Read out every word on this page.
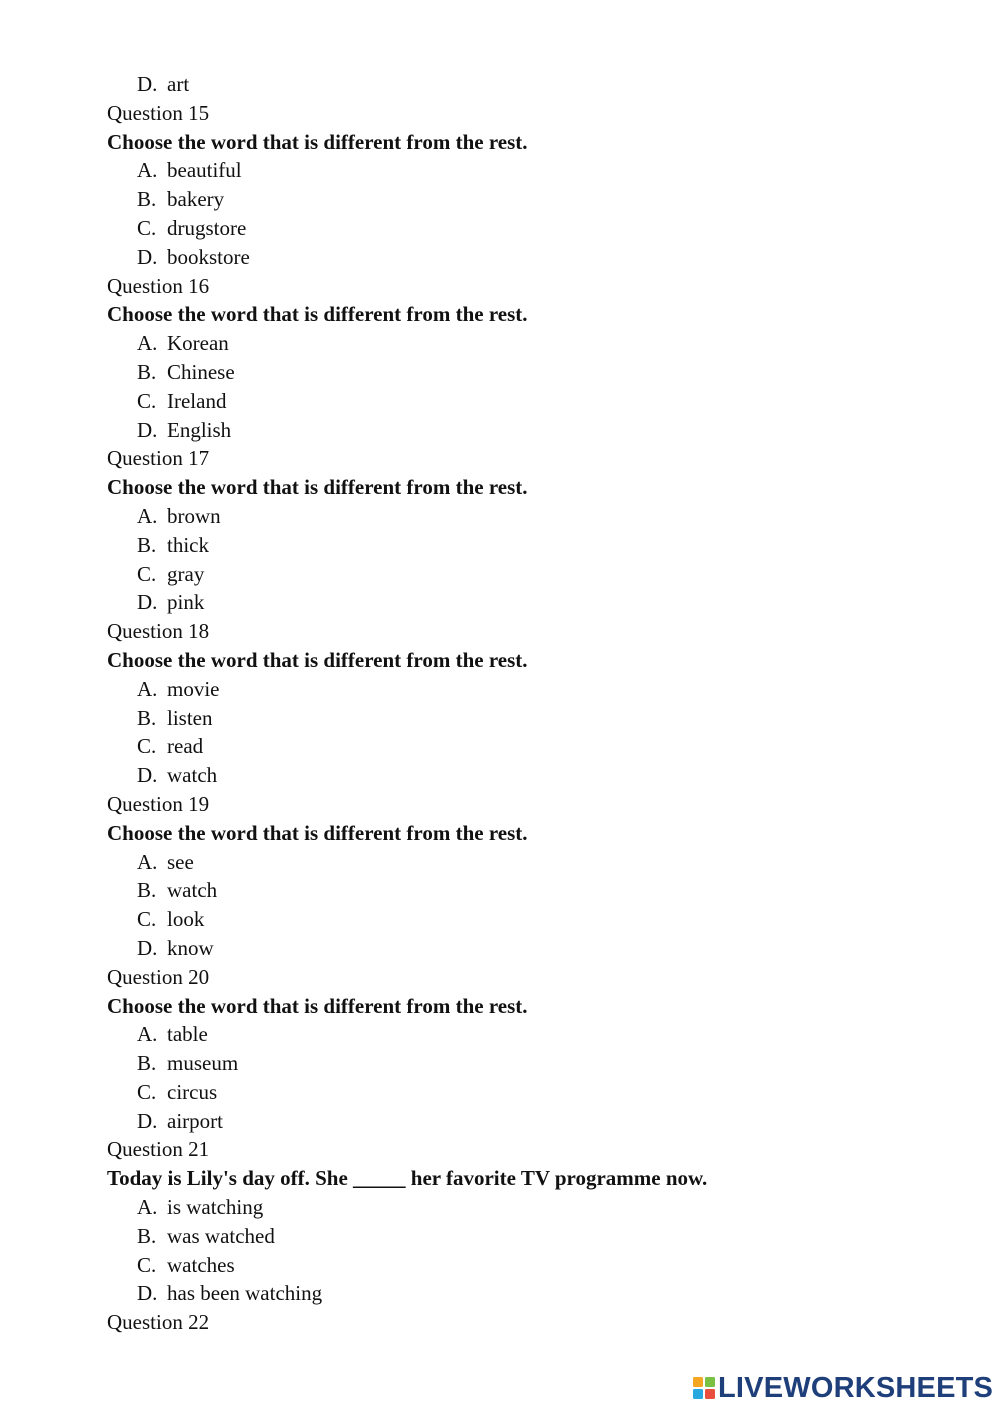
D. art
Question 15
Choose the word that is different from the rest.
A. beautiful
B. bakery
C. drugstore
D. bookstore
Question 16
Choose the word that is different from the rest.
A. Korean
B. Chinese
C. Ireland
D. English
Question 17
Choose the word that is different from the rest.
A. brown
B. thick
C. gray
D. pink
Question 18
Choose the word that is different from the rest.
A. movie
B. listen
C. read
D. watch
Question 19
Choose the word that is different from the rest.
A. see
B. watch
C. look
D. know
Question 20
Choose the word that is different from the rest.
A. table
B. museum
C. circus
D. airport
Question 21
Today is Lily's day off. She _____ her favorite TV programme now.
A. is watching
B. was watched
C. watches
D. has been watching
Question 22
LIVEWORKSHEETS
